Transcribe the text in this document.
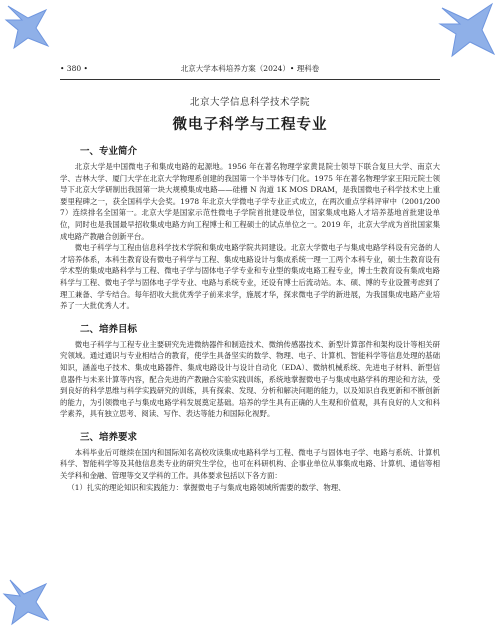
• 380 •	北京大学本科培养方案（2024）• 理科卷
北京大学信息科学技术学院
微电子科学与工程专业
一、专业简介

北京大学是中国微电子和集成电路的起源地。1956 年在著名物理学家黄昆院士领导下联合复旦大学、南京大学、吉林大学、厦门大学在北京大学物理系创建的我国第一个半导体专门化。1975 年在著名物理学家王阳元院士领导下北京大学研制出我国第一块大规模集成电路——硅栅 N 沟道 1K MOS DRAM，是我国微电子科学技术史上重要里程碑之一，获全国科学大会奖。1978 年北京大学微电子学专业正式成立，在两次重点学科评审中（2001/2007）连续排名全国第一。北京大学是国家示范性微电子学院首批建设单位，国家集成电路人才培养基地首批建设单位，同时也是我国最早招收集成电路方向工程博士和工程硕士的试点单位之一。2019 年，北京大学成为首批国家集成电路产教融合创新平台。

微电子科学与工程由信息科学技术学院和集成电路学院共同建设。北京大学微电子与集成电路学科设有完备的人才培养体系，本科生教育设有微电子科学与工程、集成电路设计与集成系统一理一工两个本科专业，硕士生教育设有学术型的集成电路科学与工程、微电子学与固体电子学专业和专业型的集成电路工程专业，博士生教育设有集成电路科学与工程、微电子学与固体电子学专业、电路与系统专业，还设有博士后流动站。本、硕、博的专业设置考虑到了理工兼备、学专结合。每年招收大批优秀学子前来求学，施展才华，探求微电子学的新进展，为我国集成电路产业培养了一大批优秀人才。

二、培养目标

微电子科学与工程专业主要研究先进微纳器件和制造技术、微纳传感器技术、新型计算部件和架构设计等相关研究领域。通过通识与专业相结合的教育，使学生具备坚实的数学、物理、电子、计算机、智能科学等信息处理的基础知识，涵盖电子技术、集成电路器件、集成电路设计与设计自动化（EDA）、微纳机械系统、先进电子材料、新型信息器件与未来计算等内容，配合先进的产教融合实验实践训练，系统地掌握微电子与集成电路学科的理论和方法，受到良好的科学思维与科学实践研究的训练，具有探索、发现、分析和解决问题的能力，以及知识自我更新和不断创新的能力，为引领微电子与集成电路学科发展奠定基础。培养的学生具有正确的人生观和价值观，具有良好的人文和科学素养，具有独立思考、阅读、写作、表达等能力和国际化视野。

三、培养要求

本科毕业后可继续在国内和国际知名高校攻读集成电路科学与工程、微电子与固体电子学、电路与系统、计算机科学、智能科学等及其他信息类专业的研究生学位，也可在科研机构、企事业单位从事集成电路、计算机、通信等相关学科和金融、管理等交叉学科的工作。具体要求包括以下各方面：

（1）扎实的理论知识和实践能力：掌握微电子与集成电路领域所需要的数学、物理、
